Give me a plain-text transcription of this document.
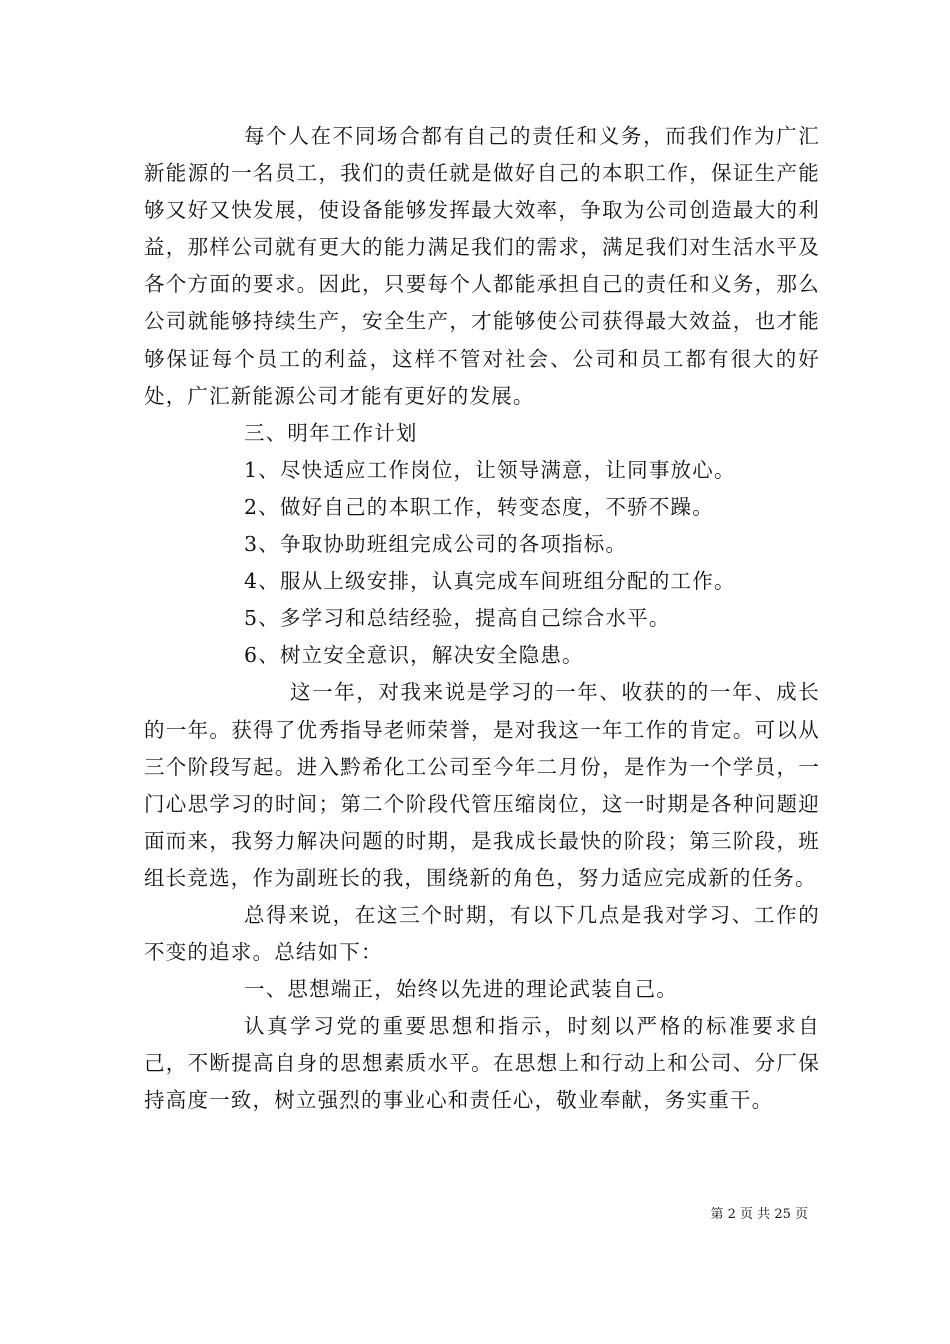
每个人在不同场合都有自己的责任和义务，而我们作为广汇新能源的一名员工，我们的责任就是做好自己的本职工作，保证生产能够又好又快发展，使设备能够发挥最大效率，争取为公司创造最大的利益，那样公司就有更大的能力满足我们的需求，满足我们对生活水平及各个方面的要求。因此，只要每个人都能承担自己的责任和义务，那么公司就能够持续生产，安全生产，才能够使公司获得最大效益，也才能够保证每个员工的利益，这样不管对社会、公司和员工都有很大的好处，广汇新能源公司才能有更好的发展。

三、明年工作计划

1、尽快适应工作岗位，让领导满意，让同事放心。

2、做好自己的本职工作，转变态度，不骄不躁。

3、争取协助班组完成公司的各项指标。

4、服从上级安排，认真完成车间班组分配的工作。

5、多学习和总结经验，提高自己综合水平。

6、树立安全意识，解决安全隐患。

这一年，对我来说是学习的一年、收获的的一年、成长的一年。获得了优秀指导老师荣誉，是对我这一年工作的肯定。可以从三个阶段写起。进入黔希化工公司至今年二月份，是作为一个学员，一门心思学习的时间；第二个阶段代管压缩岗位，这一时期是各种问题迎面而来，我努力解决问题的时期，是我成长最快的阶段；第三阶段，班组长竞选，作为副班长的我，围绕新的角色，努力适应完成新的任务。

总得来说，在这三个时期，有以下几点是我对学习、工作的不变的追求。总结如下：

一、思想端正，始终以先进的理论武装自己。

认真学习党的重要思想和指示，时刻以严格的标准要求自己，不断提高自身的思想素质水平。在思想上和行动上和公司、分厂保持高度一致，树立强烈的事业心和责任心，敬业奉献，务实重干。

第 2 页 共 25 页
